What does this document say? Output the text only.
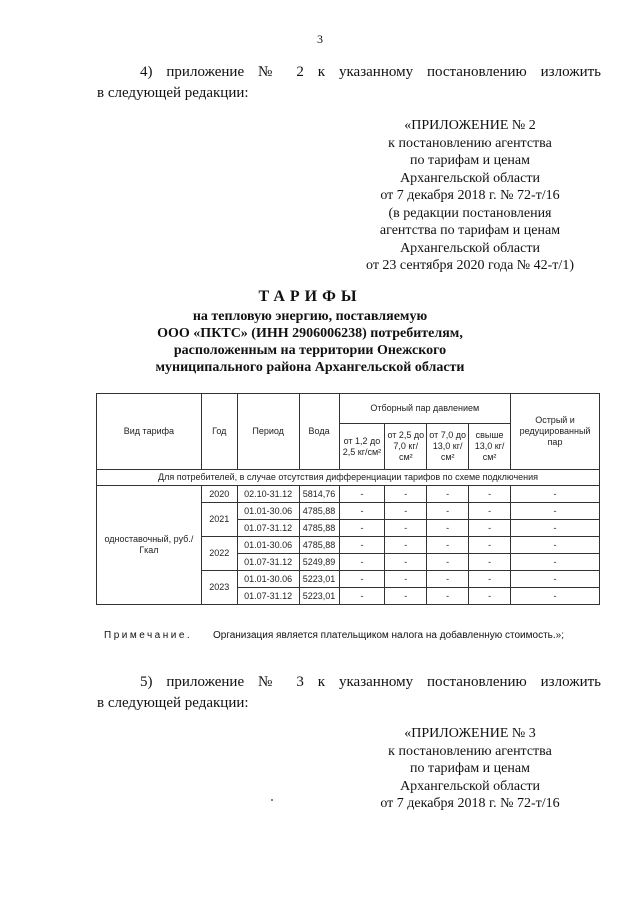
3
4) приложение № 2 к указанному постановлению изложить
в следующей редакции:
«ПРИЛОЖЕНИЕ № 2
к постановлению агентства
по тарифам и ценам
Архангельской области
от 7 декабря 2018 г. № 72-т/16
(в редакции постановления
агентства по тарифам и ценам
Архангельской области
от 23 сентября 2020 года № 42-т/1)
ТАРИФЫ
на тепловую энергию, поставляемую
ООО «ПКТС» (ИНН 2906006238) потребителям,
расположенным на территории Онежского
муниципального района Архангельской области
Вид тарифа	Год	Период	Вода	Отборный пар давлением				Острый и редуцированный пар
				от 1,2 до 2,5 кг/см²	от 2,5 до 7,0 кг/см²	от 7,0 до 13,0 кг/см²	свыше 13,0 кг/см²	
Для потребителей, в случае отсутствия дифференциации тарифов по схеме подключения								
одноставочный, руб./Гкал	2020	02.10-31.12	5814,76	-	-	-	-	-
	2021	01.01-30.06	4785,88	-	-	-	-	-
		01.07-31.12	4785,88	-	-	-	-	-
	2022	01.01-30.06	4785,88	-	-	-	-	-
		01.07-31.12	5249,89	-	-	-	-	-
	2023	01.01-30.06	5223,01	-	-	-	-	-
		01.07-31.12	5223,01	-	-	-	-	-
Примечание. Организация является плательщиком налога на добавленную стоимость.»;
5) приложение № 3 к указанному постановлению изложить
в следующей редакции:
«ПРИЛОЖЕНИЕ № 3
к постановлению агентства
по тарифам и ценам
Архангельской области
от 7 декабря 2018 г. № 72-т/16
